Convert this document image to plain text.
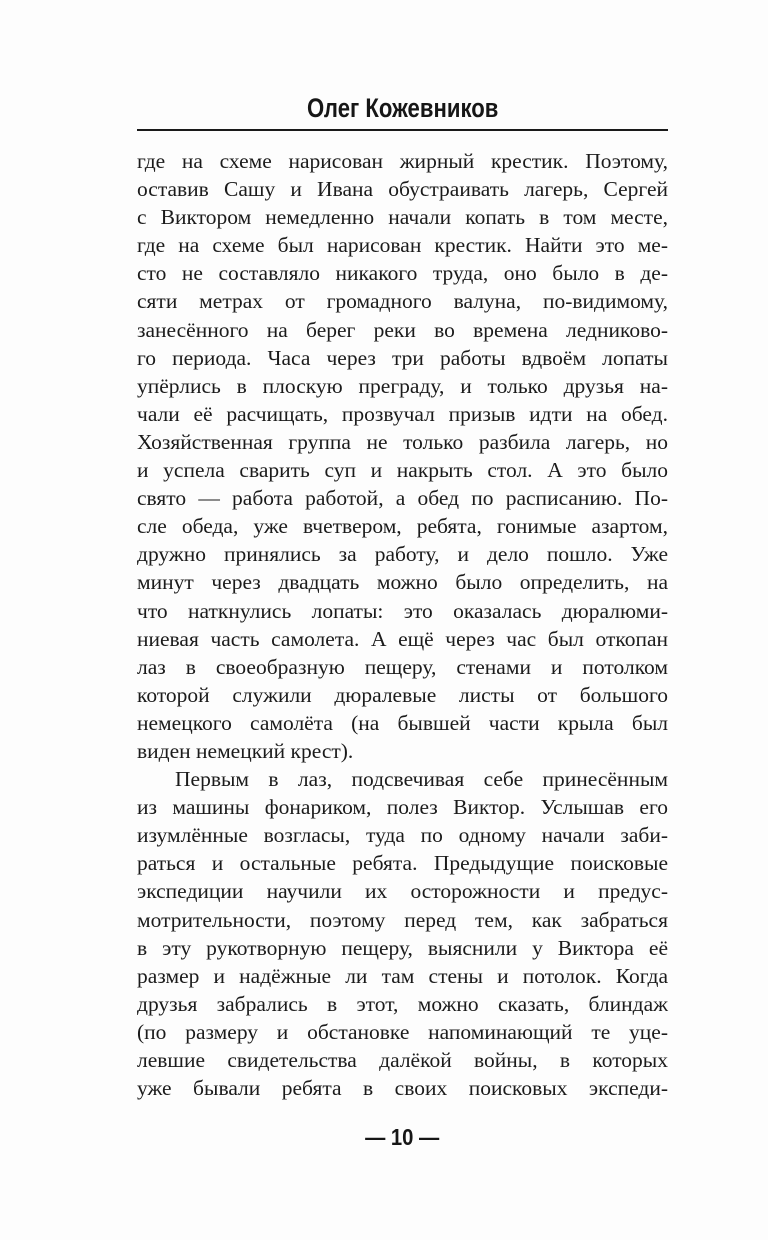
Олег Кожевников
где на схеме нарисован жирный крестик. Поэтому,
оставив Сашу и Ивана обустраивать лагерь, Сергей
с Виктором немедленно начали копать в том месте,
где на схеме был нарисован крестик. Найти это ме-
сто не составляло никакого труда, оно было в де-
сяти метрах от громадного валуна, по-видимому,
занесённого на берег реки во времена ледниково-
го периода. Часа через три работы вдвоём лопаты
упёрлись в плоскую преграду, и только друзья на-
чали её расчищать, прозвучал призыв идти на обед.
Хозяйственная группа не только разбила лагерь, но
и успела сварить суп и накрыть стол. А это было
свято — работа работой, а обед по расписанию. По-
сле обеда, уже вчетвером, ребята, гонимые азартом,
дружно принялись за работу, и дело пошло. Уже
минут через двадцать можно было определить, на
что наткнулись лопаты: это оказалась дюралюми-
ниевая часть самолета. А ещё через час был откопан
лаз в своеобразную пещеру, стенами и потолком
которой служили дюралевые листы от большого
немецкого самолёта (на бывшей части крыла был
виден немецкий крест).
Первым в лаз, подсвечивая себе принесённым
из машины фонариком, полез Виктор. Услышав его
изумлённые возгласы, туда по одному начали заби-
раться и остальные ребята. Предыдущие поисковые
экспедиции научили их осторожности и предус-
мотрительности, поэтому перед тем, как забраться
в эту рукотворную пещеру, выяснили у Виктора её
размер и надёжные ли там стены и потолок. Когда
друзья забрались в этот, можно сказать, блиндаж
(по размеру и обстановке напоминающий те уце-
левшие свидетельства далёкой войны, в которых
уже бывали ребята в своих поисковых экспеди-
— 10 —
